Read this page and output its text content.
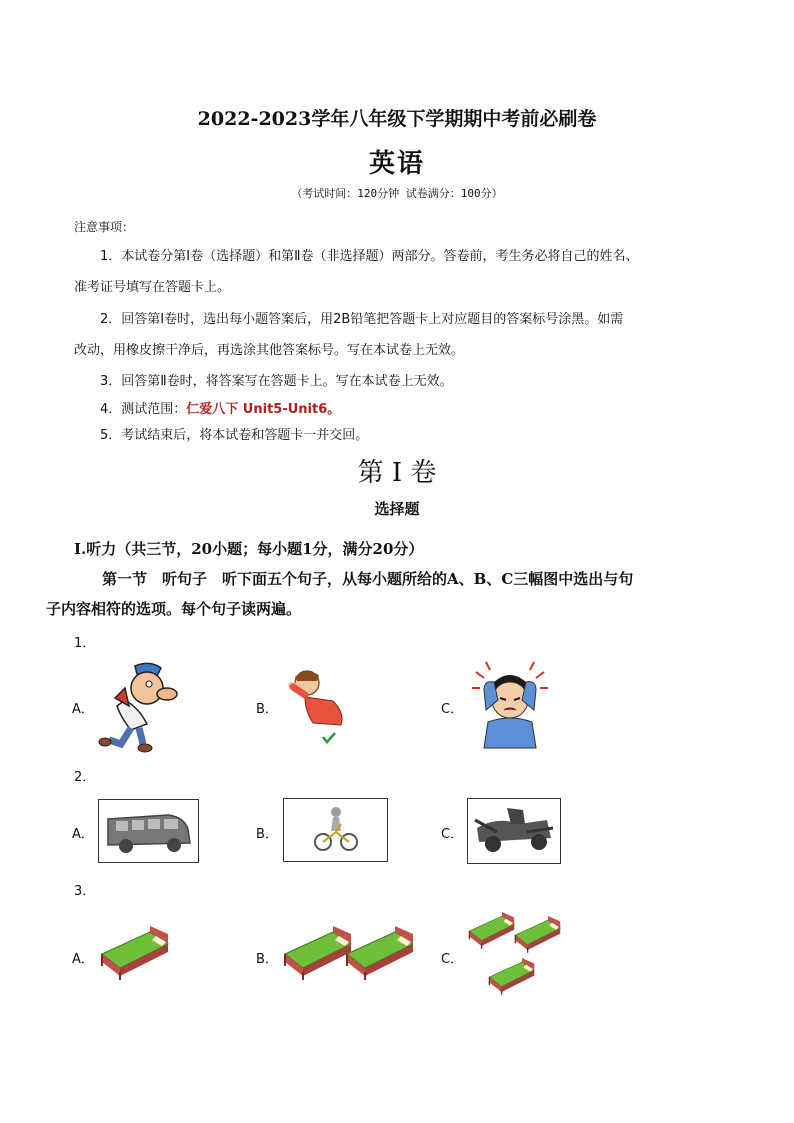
2022-2023学年八年级下学期期中考前必刷卷
英语
（考试时间：120分钟 试卷满分：100分）
注意事项：
1．本试卷分第Ⅰ卷（选择题）和第Ⅱ卷（非选择题）两部分。答卷前，考生务必将自己的姓名、

准考证号填写在答题卡上。
2．回答第Ⅰ卷时，选出每小题答案后，用2B铅笔把答题卡上对应题目的答案标号涂黑。如需
改动，用橡皮擦干净后，再选涂其他答案标号。写在本试卷上无效。
3．回答第Ⅱ卷时，将答案写在答题卡上。写在本试卷上无效。
4．测试范围：仁爱八下 Unit5-Unit6。
5．考试结束后，将本试卷和答题卡一并交回。
第 I 卷
选择题
Ⅰ.听力（共三节，20小题；每小题1分，满分20分）
第一节　听句子　听下面五个句子，从每小题所给的A、B、C三幅图中选出与句
子内容相符的选项。每个句子读两遍。
1．
A．	B．	C．
2．
A．	B．	C．
3．
A．	B．	C．
